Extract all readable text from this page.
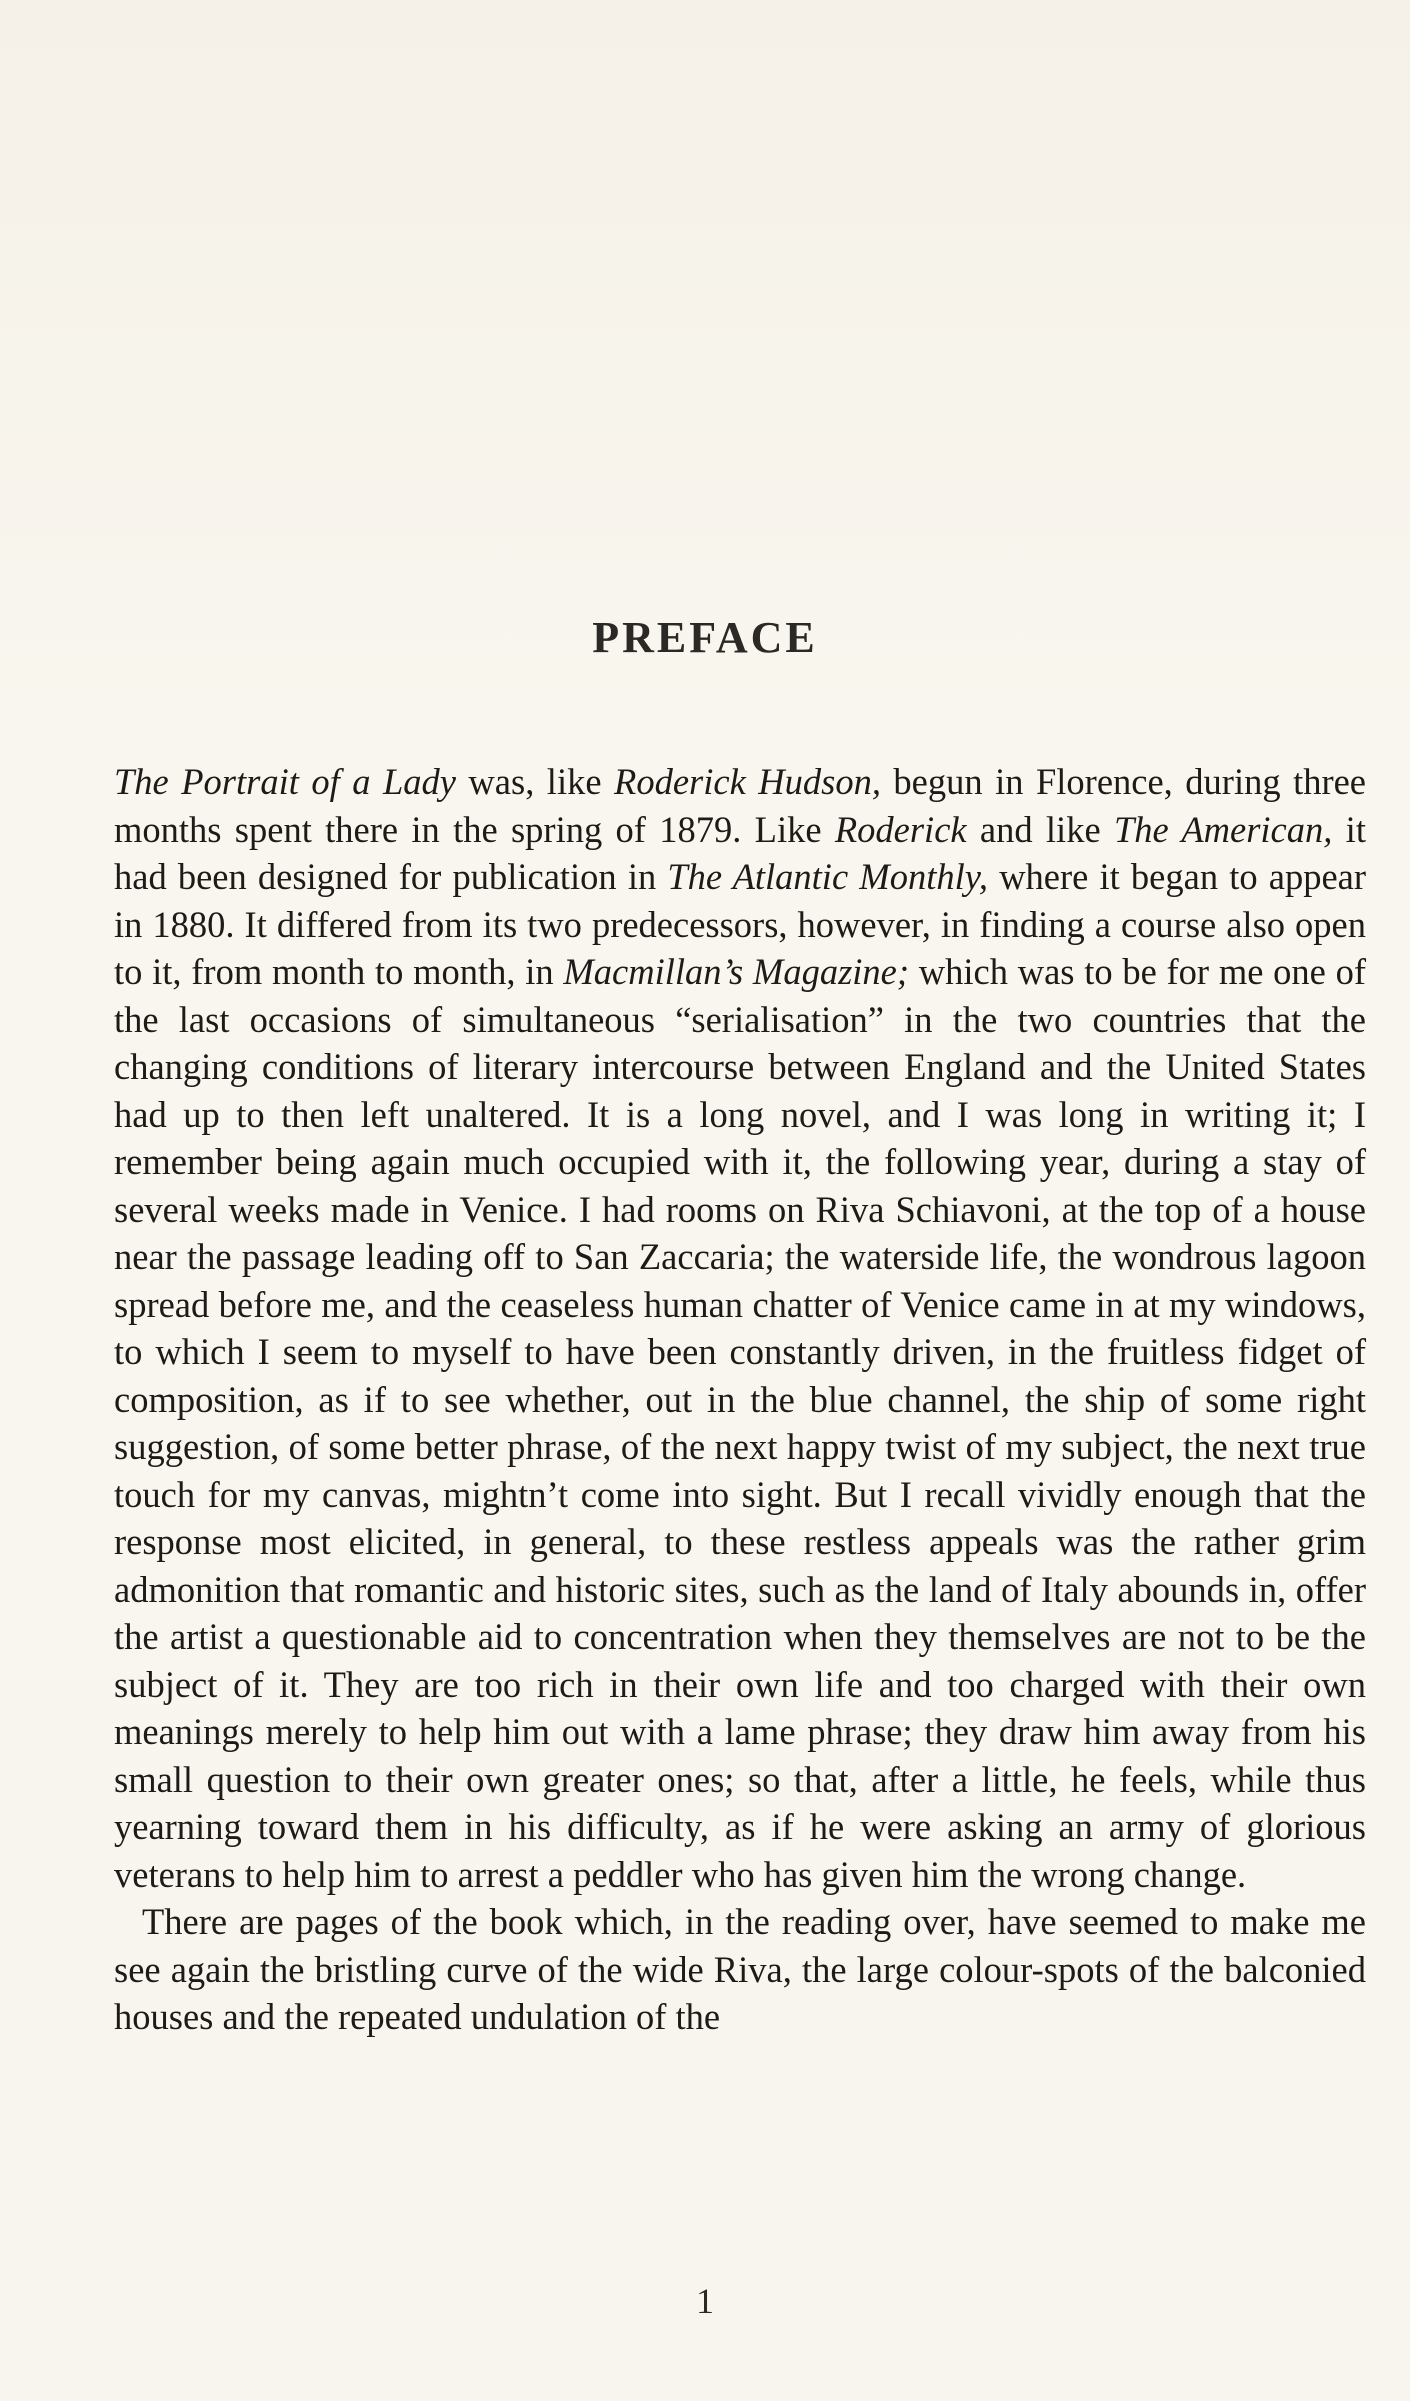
PREFACE

The Portrait of a Lady was, like Roderick Hudson, begun in Florence, during three months spent there in the spring of 1879. Like Roderick and like The American, it had been designed for publication in The Atlantic Monthly, where it began to appear in 1880. It differed from its two predecessors, however, in finding a course also open to it, from month to month, in Macmillan’s Magazine; which was to be for me one of the last occasions of simultaneous “serialisation” in the two countries that the changing conditions of literary intercourse between England and the United States had up to then left unaltered. It is a long novel, and I was long in writing it; I remember being again much occupied with it, the following year, during a stay of several weeks made in Venice. I had rooms on Riva Schiavoni, at the top of a house near the passage leading off to San Zaccaria; the waterside life, the wondrous lagoon spread before me, and the ceaseless human chatter of Venice came in at my windows, to which I seem to myself to have been constantly driven, in the fruitless fidget of composition, as if to see whether, out in the blue channel, the ship of some right suggestion, of some better phrase, of the next happy twist of my subject, the next true touch for my canvas, mightn’t come into sight. But I recall vividly enough that the response most elicited, in general, to these restless appeals was the rather grim admonition that romantic and historic sites, such as the land of Italy abounds in, offer the artist a questionable aid to concentration when they themselves are not to be the subject of it. They are too rich in their own life and too charged with their own meanings merely to help him out with a lame phrase; they draw him away from his small question to their own greater ones; so that, after a little, he feels, while thus yearning toward them in his difficulty, as if he were asking an army of glorious veterans to help him to arrest a peddler who has given him the wrong change.

There are pages of the book which, in the reading over, have seemed to make me see again the bristling curve of the wide Riva, the large colour-spots of the balconied houses and the repeated undulation of the

1
